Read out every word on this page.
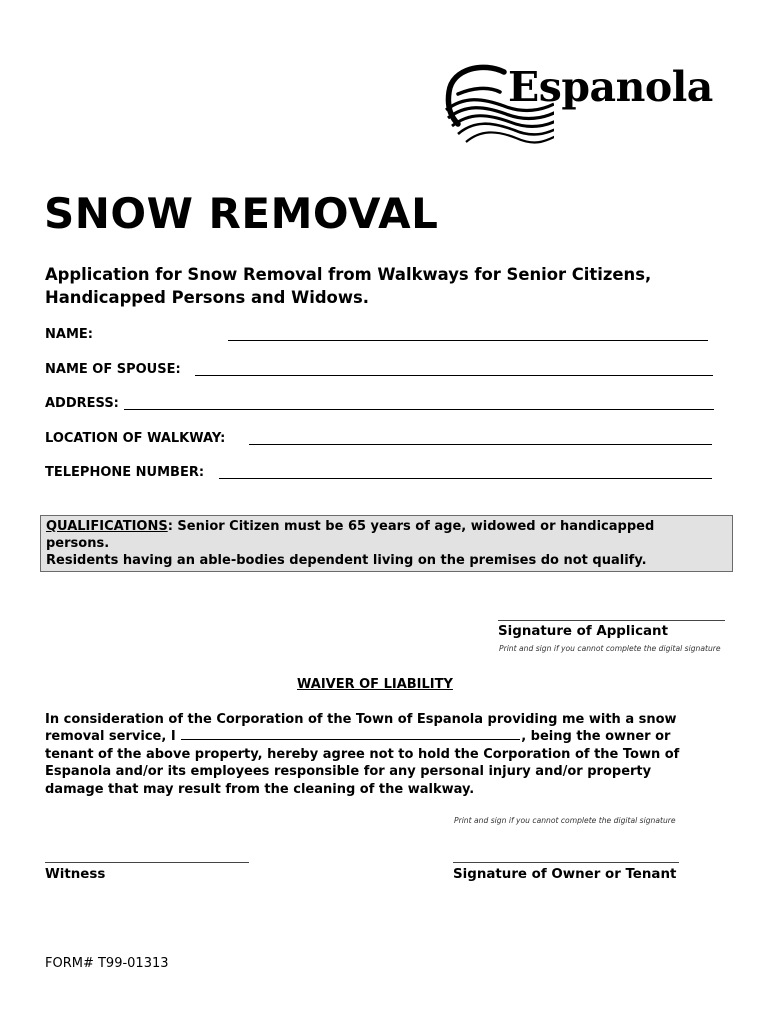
Espanola
SNOW REMOVAL
Application for Snow Removal from Walkways for Senior Citizens,
Handicapped Persons and Widows.
NAME:
NAME OF SPOUSE:
ADDRESS:
LOCATION OF WALKWAY:
TELEPHONE NUMBER:
QUALIFICATIONS: Senior Citizen must be 65 years of age, widowed or handicapped
persons.
Residents having an able-bodies dependent living on the premises do not qualify.
Signature of Applicant
Print and sign if you cannot complete the digital signature
WAIVER OF LIABILITY
In consideration of the Corporation of the Town of Espanola providing me with a snow
removal service, I	, being the owner or
tenant of the above property, hereby agree not to hold the Corporation of the Town of
Espanola and/or its employees responsible for any personal injury and/or property
damage that may result from the cleaning of the walkway.
Print and sign if you cannot complete the digital signature
Witness	Signature of Owner or Tenant
FORM# T99-01313
